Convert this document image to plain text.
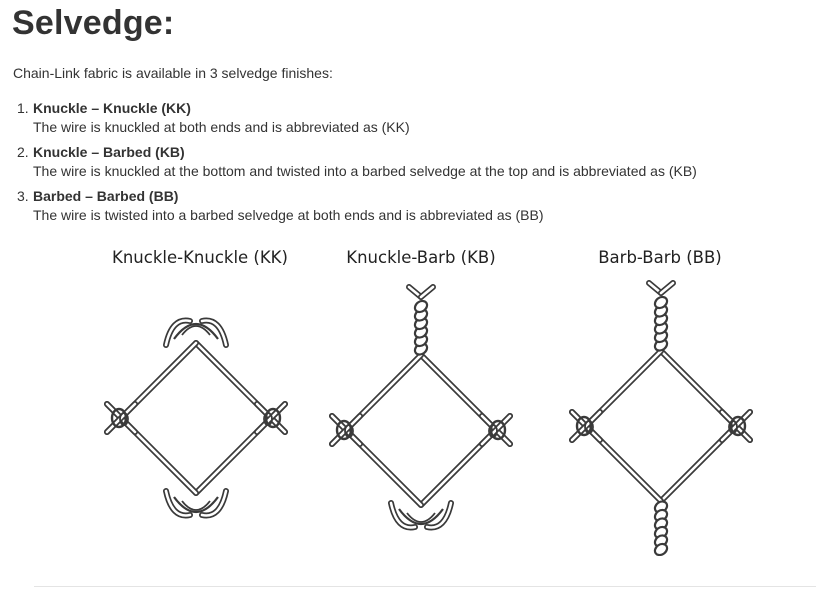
Selvedge:

Chain-Link fabric is available in 3 selvedge finishes:

1. Knuckle – Knuckle (KK)
The wire is knuckled at both ends and is abbreviated as (KK)
2. Knuckle – Barbed (KB)
The wire is knuckled at the bottom and twisted into a barbed selvedge at the top and is abbreviated as (KB)
3. Barbed – Barbed (BB)
The wire is twisted into a barbed selvedge at both ends and is abbreviated as (BB)
Knuckle-Knuckle (KK)	Knuckle-Barb (KB)	Barb-Barb (BB)
